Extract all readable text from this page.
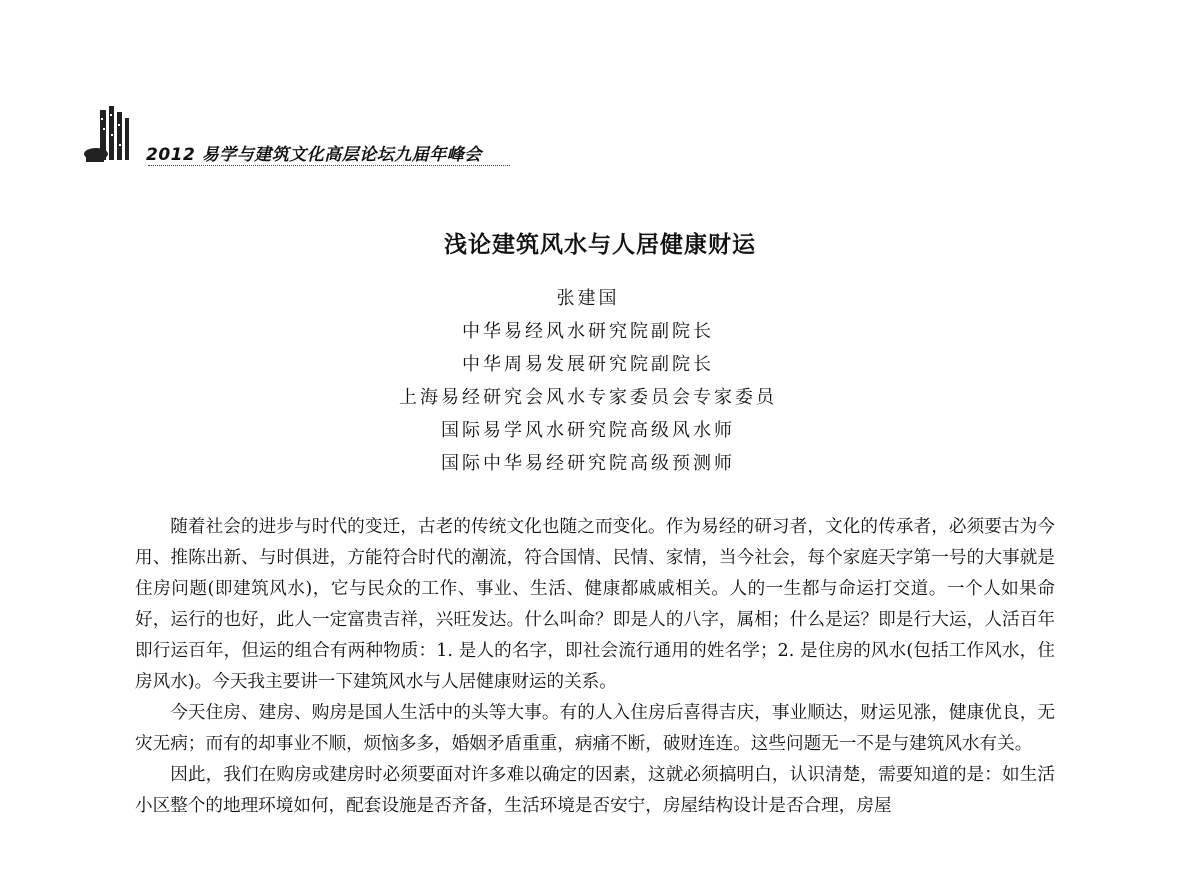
2012 易学与建筑文化高层论坛九届年峰会
浅论建筑风水与人居健康财运
张建国
中华易经风水研究院副院长
中华周易发展研究院副院长
上海易经研究会风水专家委员会专家委员
国际易学风水研究院高级风水师
国际中华易经研究院高级预测师

随着社会的进步与时代的变迁，古老的传统文化也随之而变化。作为易经的研习者，文化的传承者，必须要古为今用、推陈出新、与时俱进，方能符合时代的潮流，符合国情、民情、家情，当今社会，每个家庭天字第一号的大事就是住房问题(即建筑风水)，它与民众的工作、事业、生活、健康都戚戚相关。人的一生都与命运打交道。一个人如果命好，运行的也好，此人一定富贵吉祥，兴旺发达。什么叫命？即是人的八字，属相；什么是运？即是行大运，人活百年即行运百年，但运的组合有两种物质：1. 是人的名字，即社会流行通用的姓名学；2. 是住房的风水(包括工作风水，住房风水)。今天我主要讲一下建筑风水与人居健康财运的关系。

今天住房、建房、购房是国人生活中的头等大事。有的人入住房后喜得吉庆，事业顺达，财运见涨，健康优良，无灾无病；而有的却事业不顺，烦恼多多，婚姻矛盾重重，病痛不断，破财连连。这些问题无一不是与建筑风水有关。

因此，我们在购房或建房时必须要面对许多难以确定的因素，这就必须搞明白，认识清楚，需要知道的是：如生活小区整个的地理环境如何，配套设施是否齐备，生活环境是否安宁，房屋结构设计是否合理，房屋
